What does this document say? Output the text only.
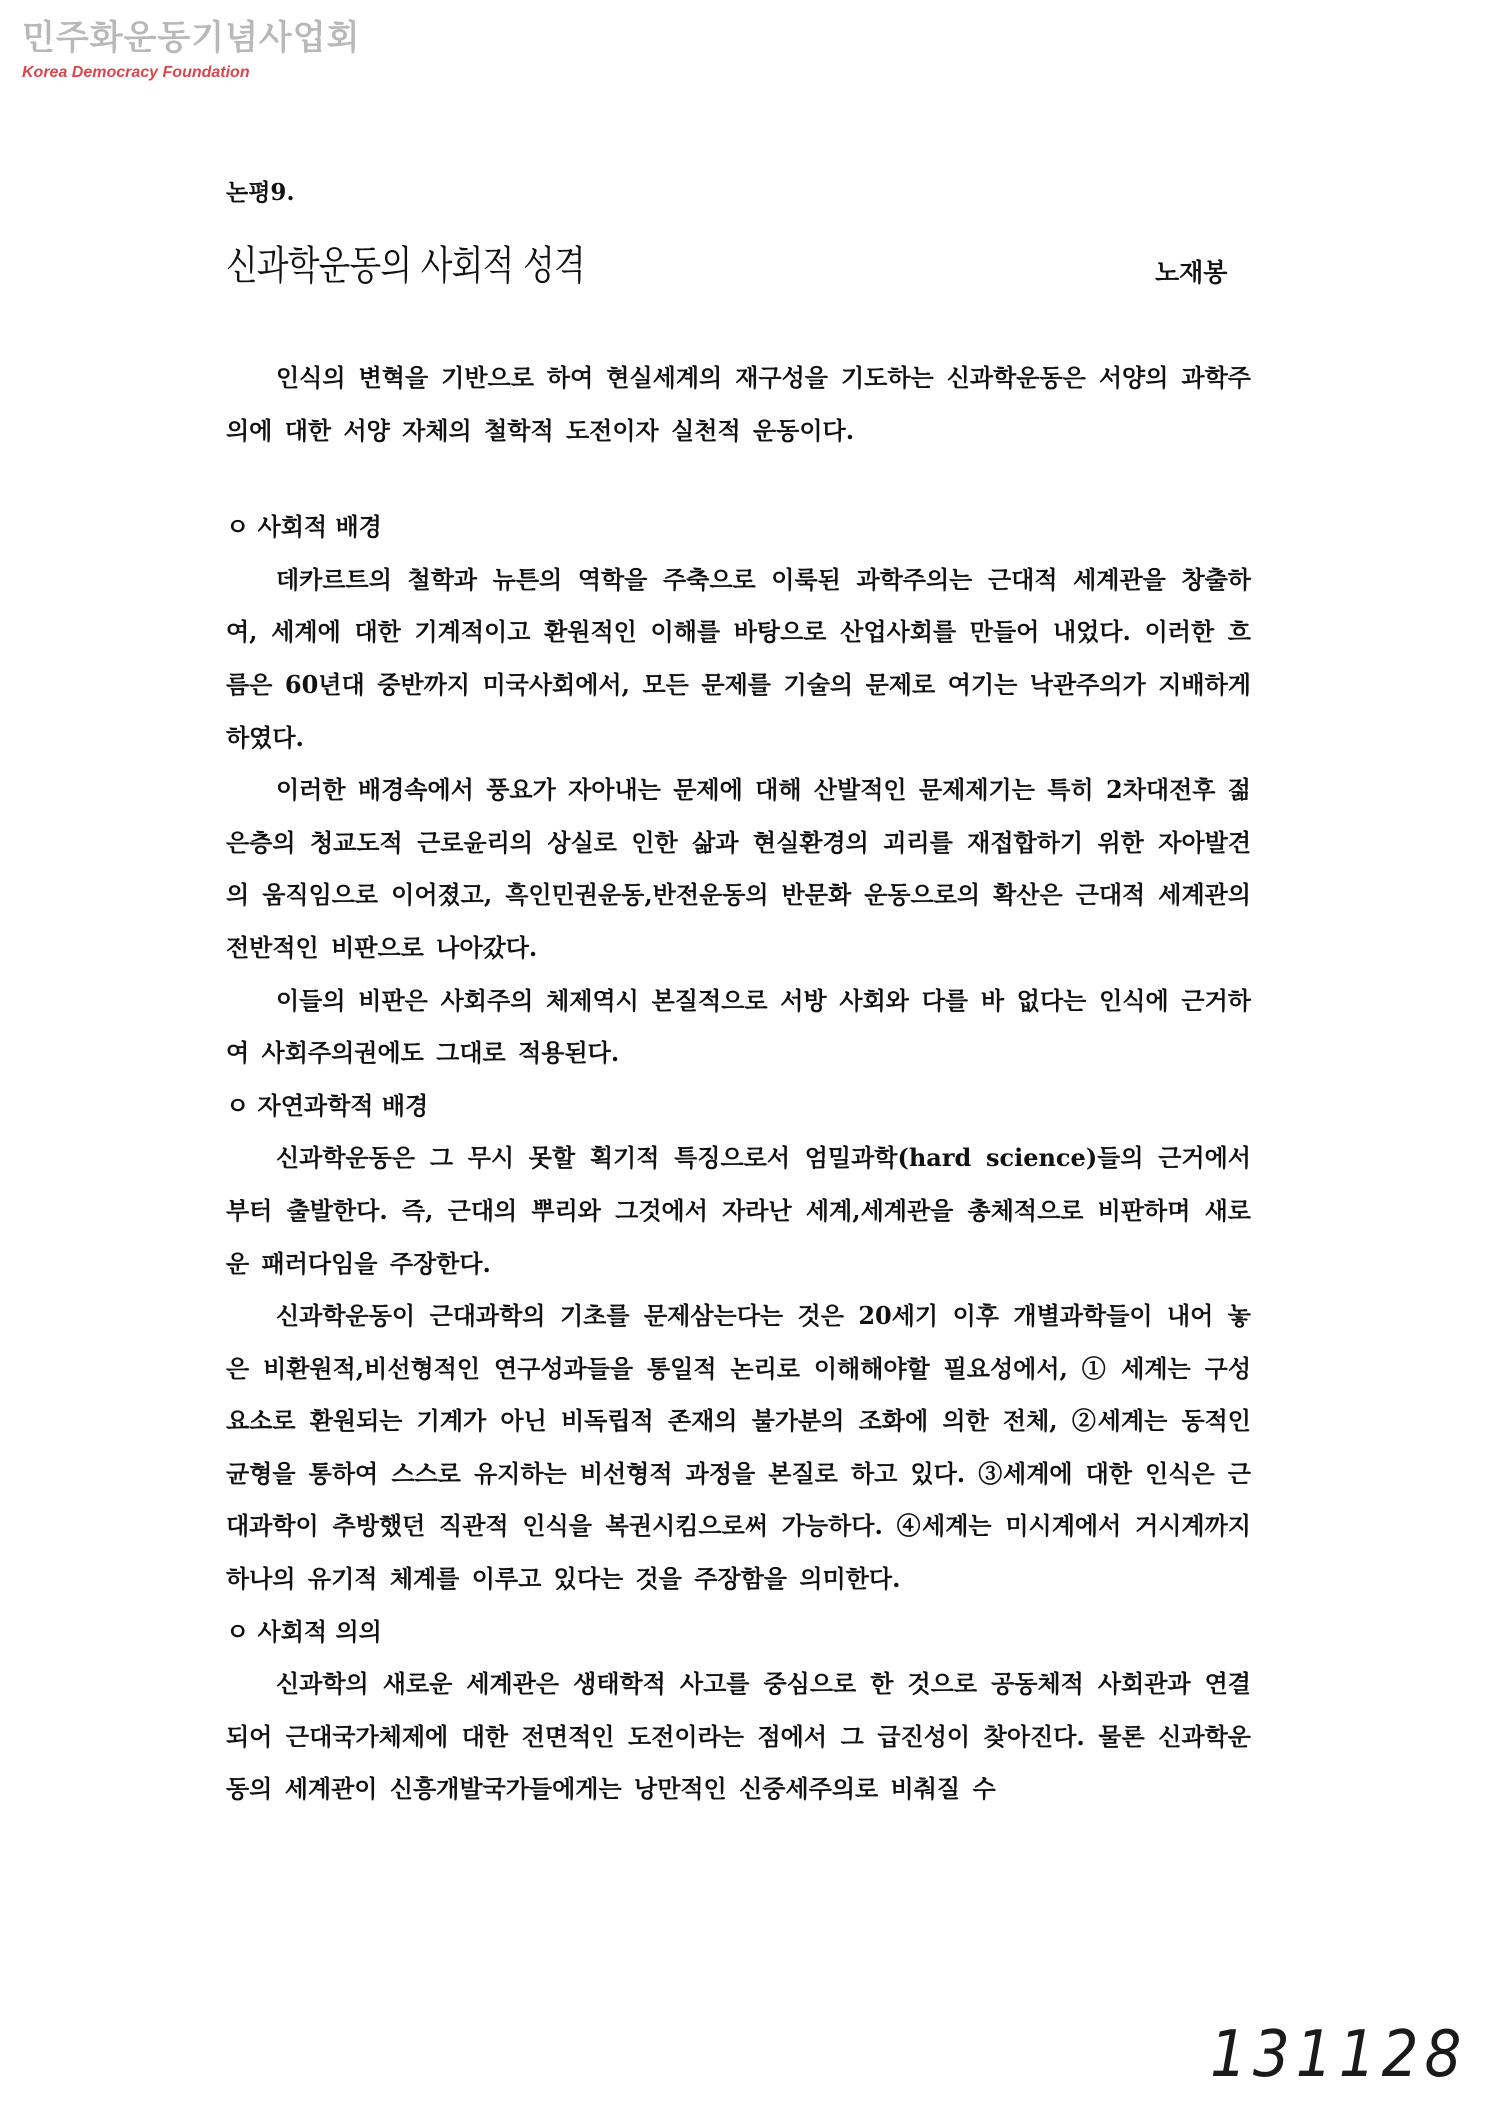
민주화운동기념사업회
Korea Democracy Foundation
논평9.
신과학운동의 사회적 성격	노재봉

인식의 변혁을 기반으로 하여 현실세계의 재구성을 기도하는 신과학운동은 서양의 과학주의에 대한 서양 자체의 철학적 도전이자 실천적 운동이다.

ㅇ 사회적 배경

데카르트의 철학과 뉴튼의 역학을 주축으로 이룩된 과학주의는 근대적 세계관을 창출하여, 세계에 대한 기계적이고 환원적인 이해를 바탕으로 산업사회를 만들어 내었다. 이러한 흐름은 60년대 중반까지 미국사회에서, 모든 문제를 기술의 문제로 여기는 낙관주의가 지배하게 하였다.

이러한 배경속에서 풍요가 자아내는 문제에 대해 산발적인 문제제기는 특히 2차대전후 젊은층의 청교도적 근로윤리의 상실로 인한 삶과 현실환경의 괴리를 재접합하기 위한 자아발견의 움직임으로 이어졌고, 흑인민권운동,반전운동의 반문화 운동으로의 확산은 근대적 세계관의 전반적인 비판으로 나아갔다.

이들의 비판은 사회주의 체제역시 본질적으로 서방 사회와 다를 바 없다는 인식에 근거하여 사회주의권에도 그대로 적용된다.

ㅇ 자연과학적 배경

신과학운동은 그 무시 못할 획기적 특징으로서 엄밀과학(hard science)들의 근거에서부터 출발한다. 즉, 근대의 뿌리와 그것에서 자라난 세계,세계관을 총체적으로 비판하며 새로운 패러다임을 주장한다.

신과학운동이 근대과학의 기초를 문제삼는다는 것은 20세기 이후 개별과학들이 내어 놓은 비환원적,비선형적인 연구성과들을 통일적 논리로 이해해야할 필요성에서, ① 세계는 구성요소로 환원되는 기계가 아닌 비독립적 존재의 불가분의 조화에 의한 전체, ②세계는 동적인 균형을 통하여 스스로 유지하는 비선형적 과정을 본질로 하고 있다. ③세계에 대한 인식은 근대과학이 추방했던 직관적 인식을 복권시킴으로써 가능하다. ④세계는 미시계에서 거시계까지 하나의 유기적 체계를 이루고 있다는 것을 주장함을 의미한다.

ㅇ 사회적 의의

신과학의 새로운 세계관은 생태학적 사고를 중심으로 한 것으로 공동체적 사회관과 연결되어 근대국가체제에 대한 전면적인 도전이라는 점에서 그 급진성이 찾아진다. 물론 신과학운동의 세계관이 신흥개발국가들에게는 낭만적인 신중세주의로 비춰질 수

131128
